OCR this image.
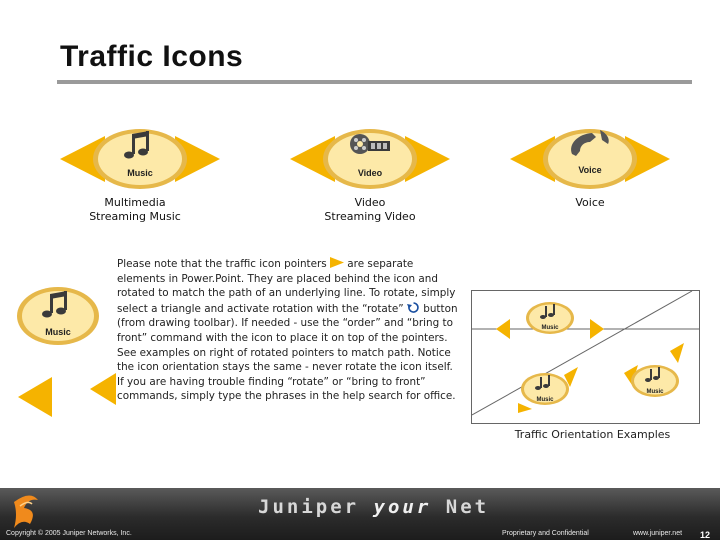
Traffic Icons
Music	Video	Voice
Multimedia
Streaming Music
Video
Streaming Video
Voice
Music
Please note that the traffic icon pointers  are separate elements in Power.Point. They are placed behind the icon and rotated to match the path of an underlying line. To rotate, simply select a triangle and activate rotation with the “rotate”  button (from drawing toolbar). If needed - use the “order” and “bring to front” command with the icon to place it on top of the pointers. See examples on right of rotated pointers to match path. Notice the icon orientation stays the same - never rotate the icon itself. If you are having trouble finding “rotate” or “bring to front” commands, simply type the phrases in the help search for office.
Music
Music
Music
Traffic Orientation Examples
Juniper your Net
Copyright © 2005 Juniper Networks, Inc.	Proprietary and Confidential	www.juniper.net 12
